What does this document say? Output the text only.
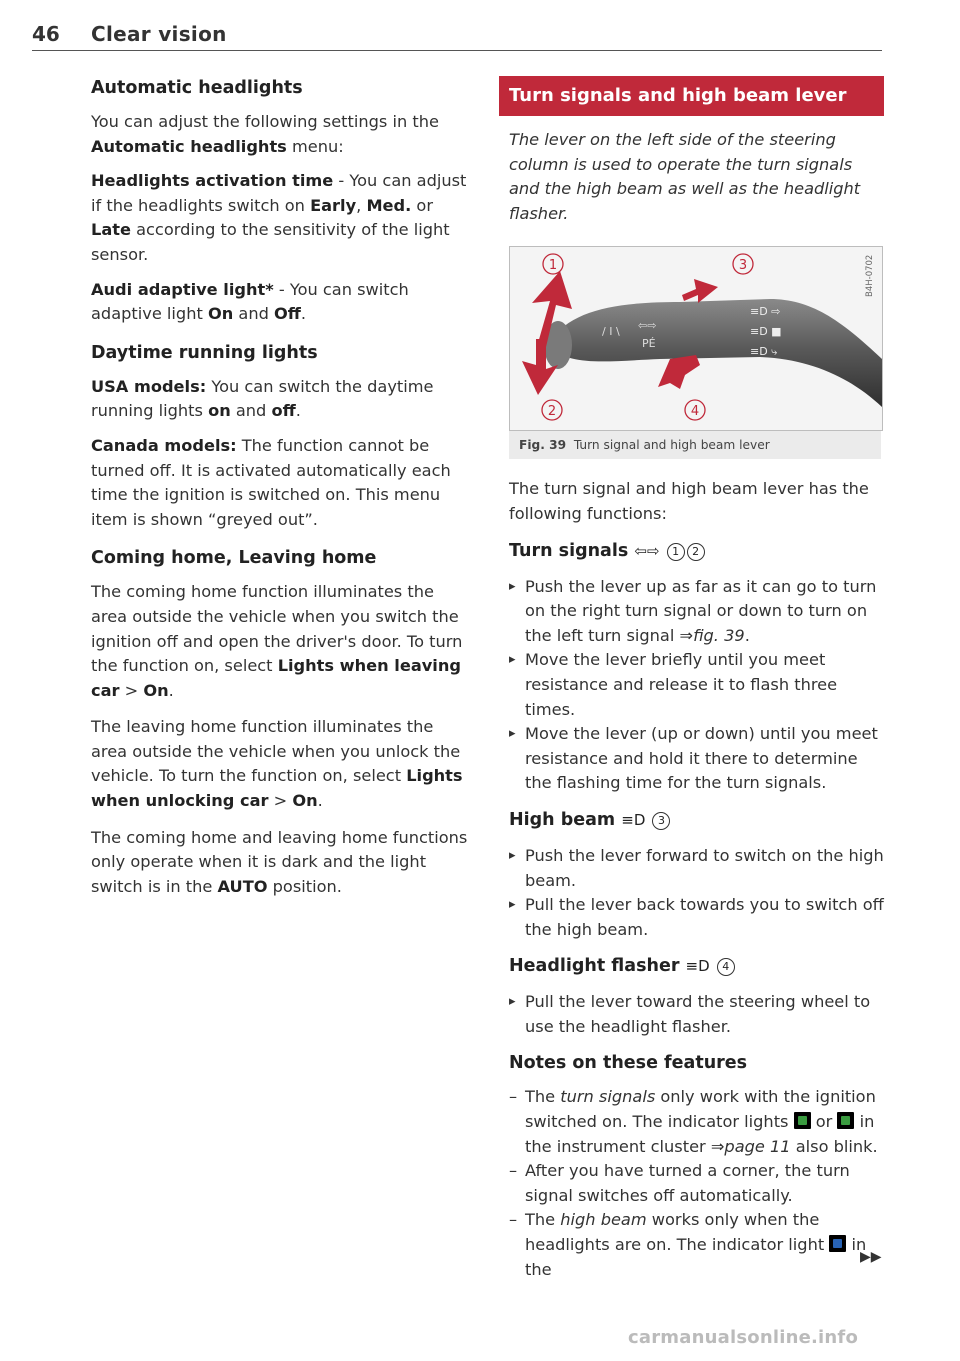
46 Clear vision
Automatic headlights

You can adjust the following settings in the Automatic headlights menu:

Headlights activation time - You can adjust if the headlights switch on Early, Med. or Late according to the sensitivity of the light sensor.

Audi adaptive light* - You can switch adaptive light On and Off.

Daytime running lights

USA models: You can switch the daytime running lights on and off.

Canada models: The function cannot be turned off. It is activated automatically each time the ignition is switched on. This menu item is shown “greyed out”.

Coming home, Leaving home

The coming home function illuminates the area outside the vehicle when you switch the ignition off and open the driver's door. To turn the function on, select Lights when leaving car > On.

The leaving home function illuminates the area outside the vehicle when you unlock the vehicle. To turn the function on, select Lights when unlocking car > On.

The coming home and leaving home functions only operate when it is dark and the light switch is in the AUTO position.

Turn signals and high beam lever

The lever on the left side of the steering column is used to operate the turn signals and the high beam as well as the headlight flasher.

/ I \ ⇦⇨
PÉ
≡D ⇨
≡D ■
≡D ⤷
1
2
3
4
B4H-0702
Fig. 39 Turn signal and high beam lever

The turn signal and high beam lever has the following functions:

Turn signals ⇦⇨ 1 2

▸ Push the lever up as far as it can go to turn on the right turn signal or down to turn on the left turn signal ⇒fig. 39.

▸ Move the lever briefly until you meet resistance and release it to flash three times.

▸ Move the lever (up or down) until you meet resistance and hold it there to determine the flashing time for the turn signals.

High beam ≡D 3

▸ Push the lever forward to switch on the high beam.

▸ Pull the lever back towards you to switch off the high beam.

Headlight flasher ≡D 4

▸ Pull the lever toward the steering wheel to use the headlight flasher.

Notes on these features

– The turn signals only work with the ignition switched on. The indicator lights  or  in the instrument cluster ⇒page 11 also blink.

– After you have turned a corner, the turn signal switches off automatically.

– The high beam works only when the headlights are on. The indicator light  in the

▶▶
carmanualsonline.info
